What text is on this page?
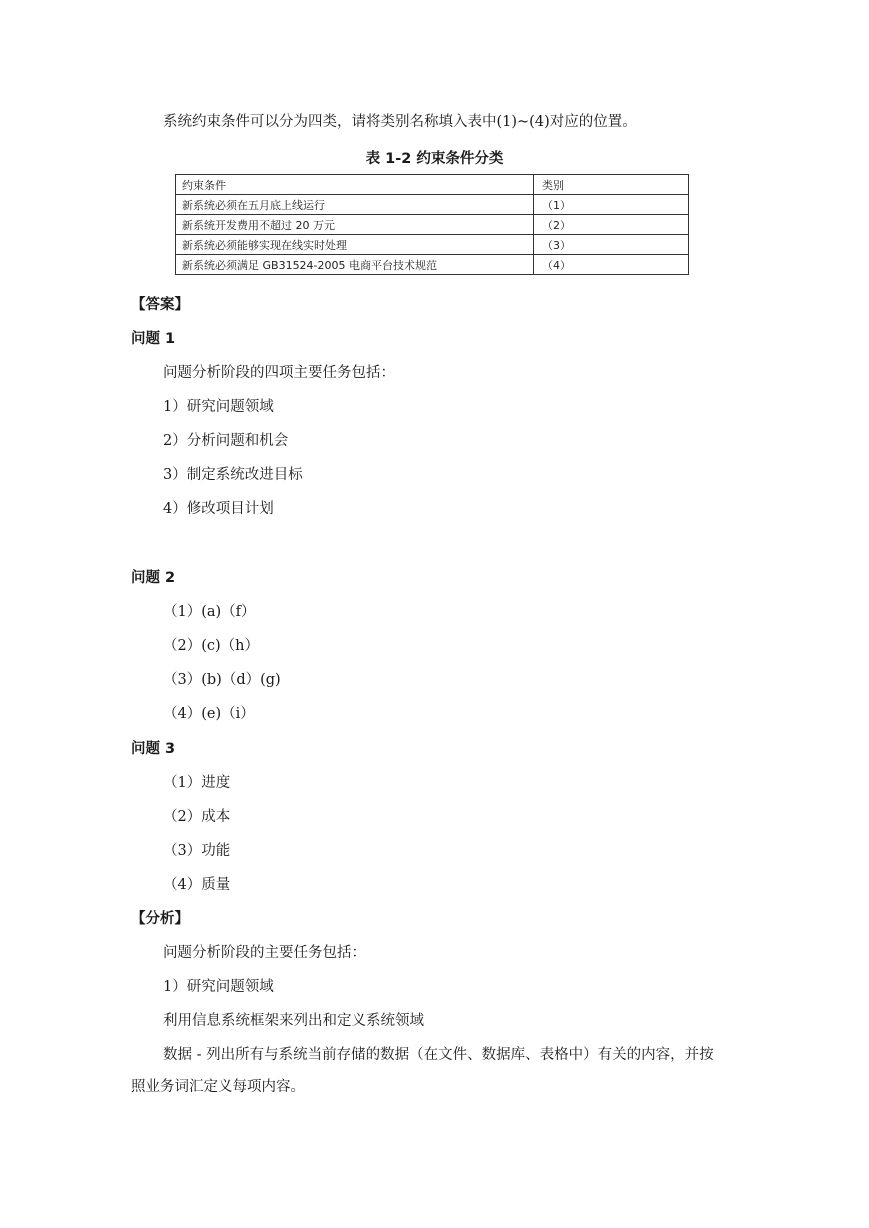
系统约束条件可以分为四类，请将类别名称填入表中(1)~(4)对应的位置。
表 1-2 约束条件分类
约束条件	类别
新系统必须在五月底上线运行	（1）
新系统开发费用不超过 20 万元	（2）
新系统必须能够实现在线实时处理	（3）
新系统必须满足 GB31524-2005 电商平台技术规范	（4）
【答案】
问题 1
问题分析阶段的四项主要任务包括：
1）研究问题领域
2）分析问题和机会
3）制定系统改进目标
4）修改项目计划
问题 2
（1）(a)（f）
（2）(c)（h）
（3）(b)（d）(g)
（4）(e)（i）
问题 3
（1）进度
（2）成本
（3）功能
（4）质量
【分析】
问题分析阶段的主要任务包括：
1）研究问题领域
利用信息系统框架来列出和定义系统领域
数据 - 列出所有与系统当前存储的数据（在文件、数据库、表格中）有关的内容，并按
照业务词汇定义每项内容。
